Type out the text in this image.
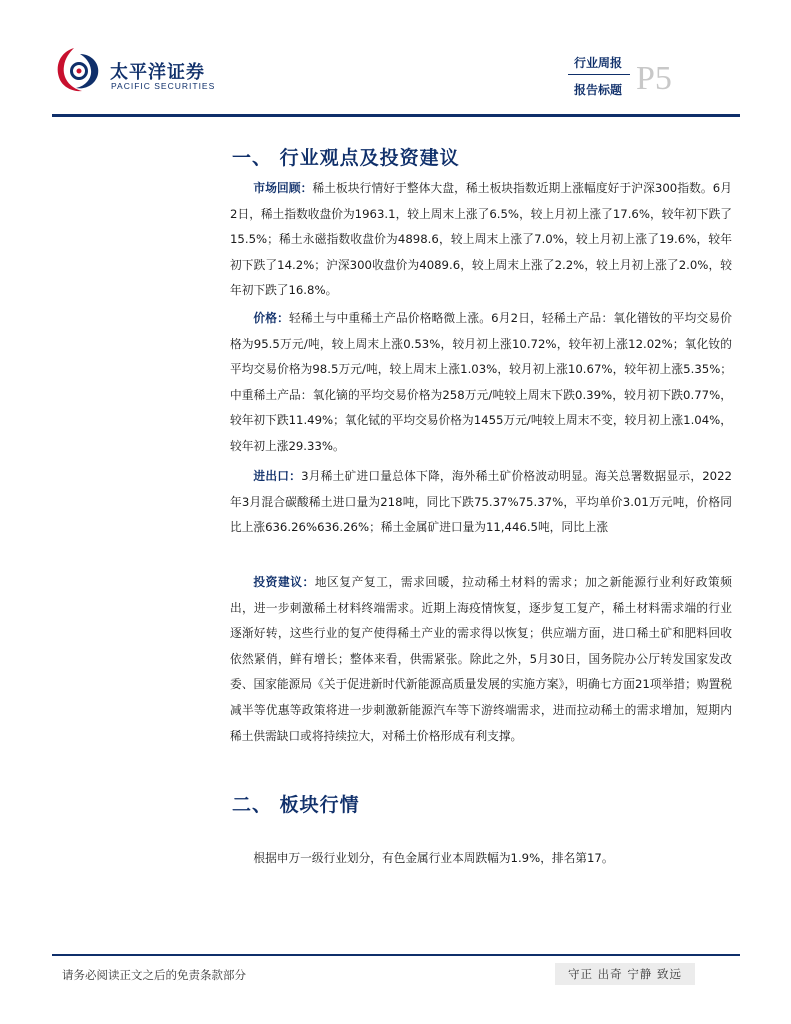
太平洋证券
PACIFIC SECURITIES
行业周报
报告标题 P5
一、 行业观点及投资建议

市场回顾：稀土板块行情好于整体大盘，稀土板块指数近期上涨幅度好于沪深300指数。6月2日，稀土指数收盘价为1963.1，较上周末上涨了6.5%，较上月初上涨了17.6%，较年初下跌了15.5%；稀土永磁指数收盘价为4898.6，较上周末上涨了7.0%，较上月初上涨了19.6%，较年初下跌了14.2%；沪深300收盘价为4089.6，较上周末上涨了2.2%，较上月初上涨了2.0%，较年初下跌了16.8%。

价格：轻稀土与中重稀土产品价格略微上涨。6月2日，轻稀土产品：氧化镨钕的平均交易价格为95.5万元/吨，较上周末上涨0.53%，较月初上涨10.72%，较年初上涨12.02%；氧化钕的平均交易价格为98.5万元/吨，较上周末上涨1.03%，较月初上涨10.67%，较年初上涨5.35%；中重稀土产品：氧化镝的平均交易价格为258万元/吨较上周末下跌0.39%，较月初下跌0.77%，较年初下跌11.49%；氧化铽的平均交易价格为1455万元/吨较上周末不变，较月初上涨1.04%，较年初上涨29.33%。

进出口：3月稀土矿进口量总体下降，海外稀土矿价格波动明显。海关总署数据显示，2022年3月混合碳酸稀土进口量为218吨，同比下跌75.37%75.37%，平均单价3.01万元吨，价格同比上涨636.26%636.26%；稀土金属矿进口量为11,446.5吨，同比上涨

投资建议：地区复产复工，需求回暖，拉动稀土材料的需求；加之新能源行业利好政策频出，进一步刺激稀土材料终端需求。近期上海疫情恢复，逐步复工复产，稀土材料需求端的行业逐渐好转，这些行业的复产使得稀土产业的需求得以恢复；供应端方面，进口稀土矿和肥料回收依然紧俏，鲜有增长；整体来看，供需紧张。除此之外，5月30日，国务院办公厅转发国家发改委、国家能源局《关于促进新时代新能源高质量发展的实施方案》，明确七方面21项举措；购置税减半等优惠等政策将进一步刺激新能源汽车等下游终端需求，进而拉动稀土的需求增加，短期内稀土供需缺口或将持续拉大，对稀土价格形成有利支撑。

二、 板块行情

根据申万一级行业划分，有色金属行业本周跌幅为1.9%，排名第17。

请务必阅读正文之后的免责条款部分	守正 出奇 宁静 致远
